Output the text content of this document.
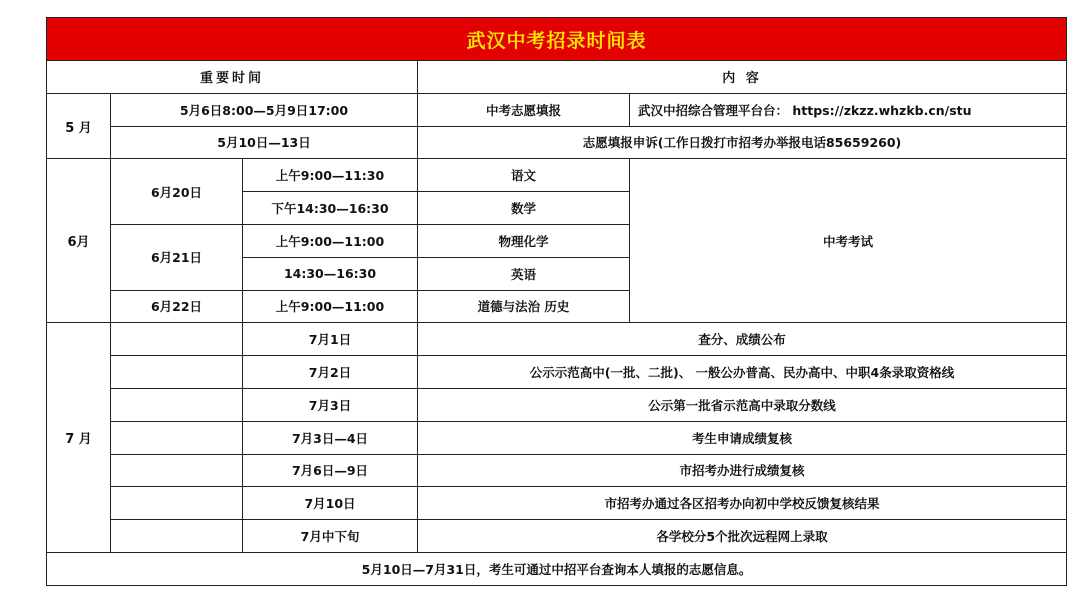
武汉中考招录时间表				
重要时间			内 容	
5 月	5月6日8:00—5月9日17:00		中考志愿填报	武汉中招综合管理平台台： https://zkzz.whzkb.cn/stu
	5月10日—13日		志愿填报申诉(工作日拨打市招考办举报电话85659260)	
6月	6月20日	上午9:00—11:30	语文	中考考试
		下午14:30—16:30	数学	
	6月21日	上午9:00—11:00	物理化学	
		14:30—16:30	英语	
	6月22日	上午9:00—11:00	道德与法治 历史	
7 月		7月1日	查分、成绩公布	
		7月2日	公示示范高中(一批、二批)、 一般公办普高、民办高中、中职4条录取资格线	
		7月3日	公示第一批省示范高中录取分数线	
		7月3日—4日	考生申请成绩复核	
		7月6日—9日	市招考办进行成绩复核	
		7月10日	市招考办通过各区招考办向初中学校反馈复核结果	
		7月中下旬	各学校分5个批次远程网上录取	
5月10日—7月31日，考生可通过中招平台查询本人填报的志愿信息。				
